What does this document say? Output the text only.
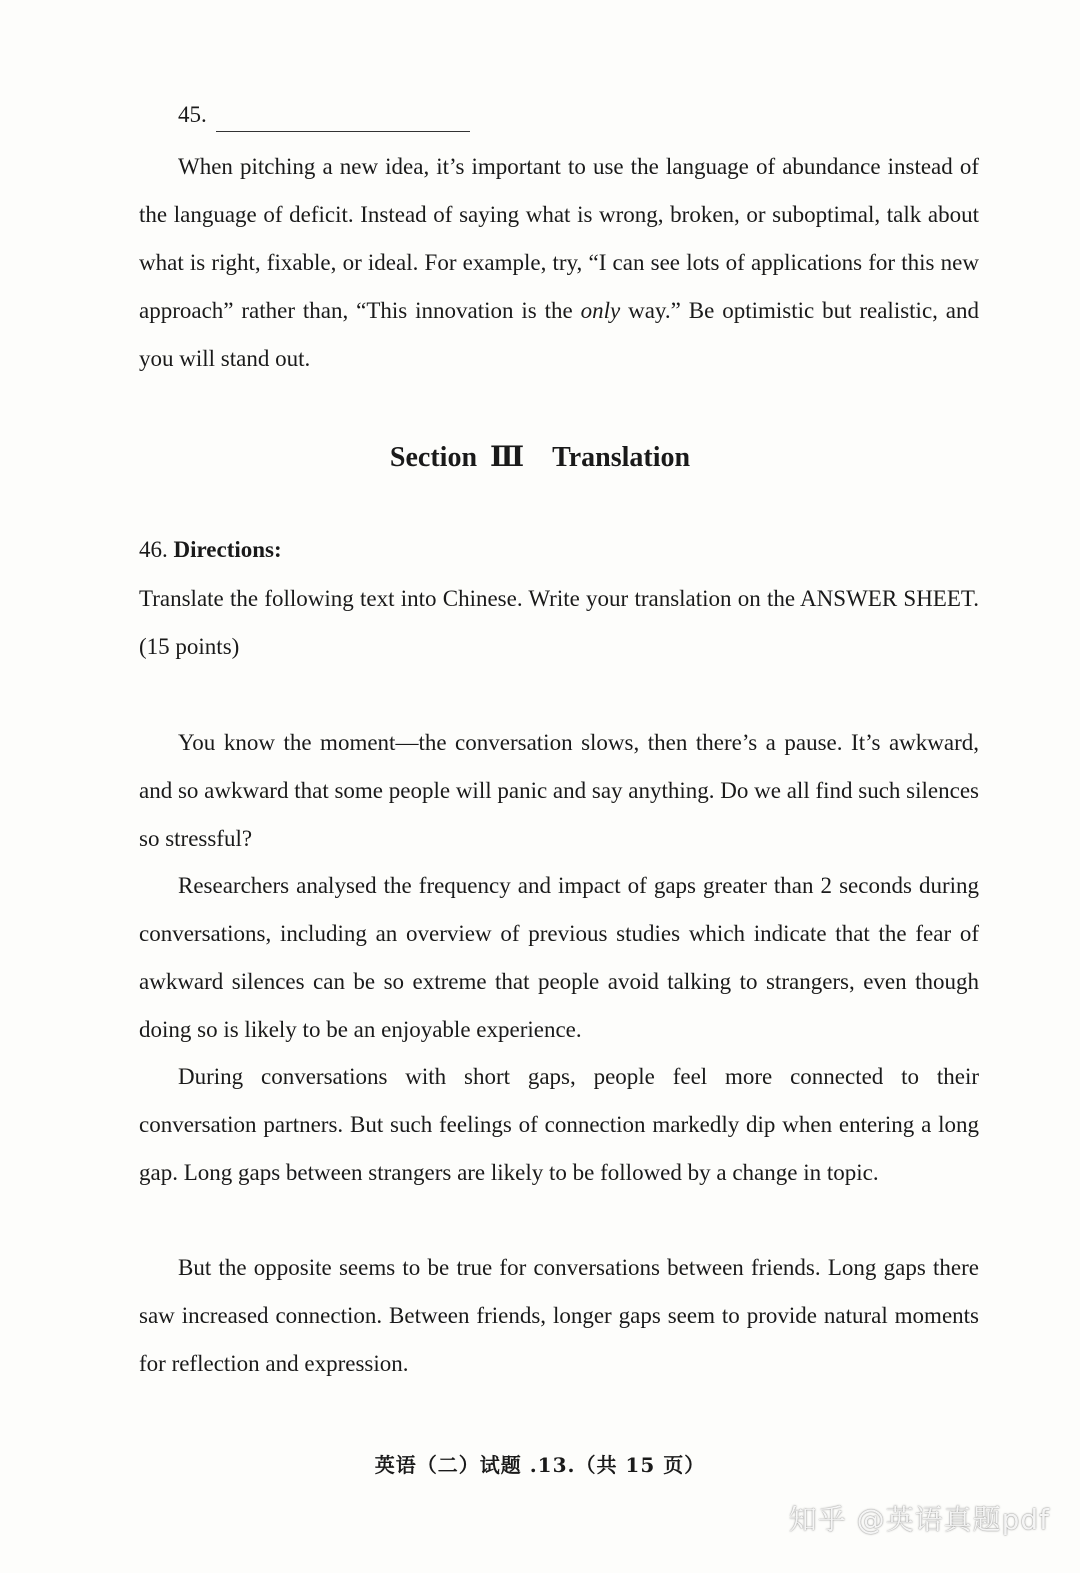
45.

When pitching a new idea, it’s important to use the language of abundance instead of the language of deficit. Instead of saying what is wrong, broken, or suboptimal, talk about what is right, fixable, or ideal. For example, try, “I can see lots of applications for this new approach” rather than, “This innovation is the only way.” Be optimistic but realistic, and you will stand out.

Section Ⅲ Translation

46. Directions:

Translate the following text into Chinese. Write your translation on the ANSWER SHEET. (15 points)

You know the moment—the conversation slows, then there’s a pause. It’s awkward, and so awkward that some people will panic and say anything. Do we all find such silences so stressful?

Researchers analysed the frequency and impact of gaps greater than 2 seconds during conversations, including an overview of previous studies which indicate that the fear of awkward silences can be so extreme that people avoid talking to strangers, even though doing so is likely to be an enjoyable experience.

During conversations with short gaps, people feel more connected to their conversation partners. But such feelings of connection markedly dip when entering a long gap. Long gaps between strangers are likely to be followed by a change in topic.

But the opposite seems to be true for conversations between friends. Long gaps there saw increased connection. Between friends, longer gaps seem to provide natural moments for reflection and expression.

英语（二）试题 .13.（共 15 页）
知乎 @英语真题pdf
